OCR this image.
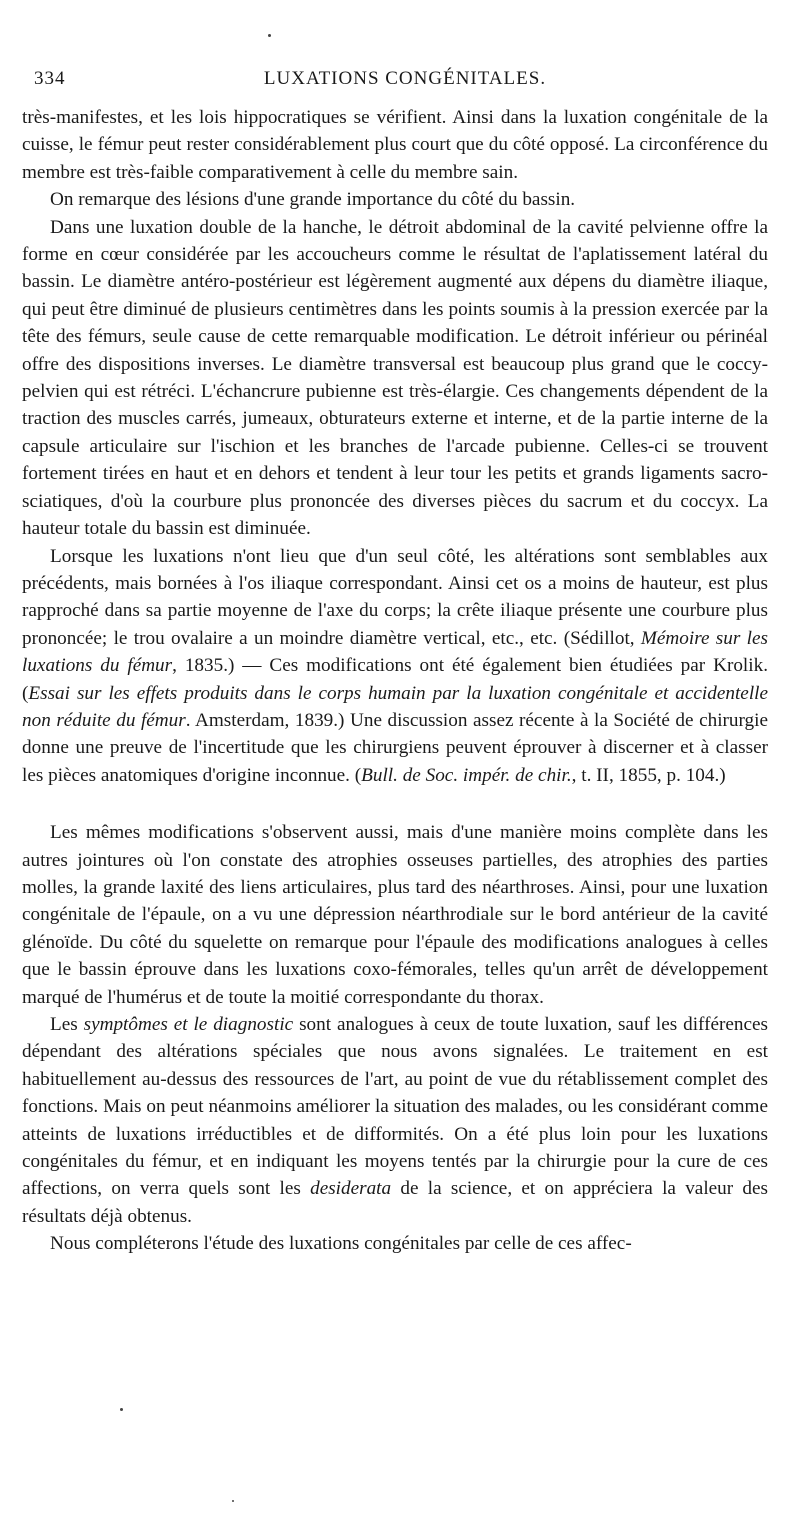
334	LUXATIONS CONGÉNITALES.

très-manifestes, et les lois hippocratiques se vérifient. Ainsi dans la luxation congénitale de la cuisse, le fémur peut rester considérablement plus court que du côté opposé. La circonférence du membre est très-faible comparativement à celle du membre sain.

On remarque des lésions d'une grande importance du côté du bassin.

Dans une luxation double de la hanche, le détroit abdominal de la cavité pelvienne offre la forme en cœur considérée par les accoucheurs comme le résultat de l'aplatissement latéral du bassin. Le diamètre antéro-postérieur est légèrement augmenté aux dépens du diamètre iliaque, qui peut être diminué de plusieurs centimètres dans les points soumis à la pression exercée par la tête des fémurs, seule cause de cette remarquable modification. Le détroit inférieur ou périnéal offre des dispositions inverses. Le diamètre transversal est beaucoup plus grand que le coccy-pelvien qui est rétréci. L'échancrure pubienne est très-élargie. Ces changements dépendent de la traction des muscles carrés, jumeaux, obturateurs externe et interne, et de la partie interne de la capsule articulaire sur l'ischion et les branches de l'arcade pubienne. Celles-ci se trouvent fortement tirées en haut et en dehors et tendent à leur tour les petits et grands ligaments sacro-sciatiques, d'où la courbure plus prononcée des diverses pièces du sacrum et du coccyx. La hauteur totale du bassin est diminuée.

Lorsque les luxations n'ont lieu que d'un seul côté, les altérations sont semblables aux précédents, mais bornées à l'os iliaque correspondant. Ainsi cet os a moins de hauteur, est plus rapproché dans sa partie moyenne de l'axe du corps; la crête iliaque présente une courbure plus prononcée; le trou ovalaire a un moindre diamètre vertical, etc., etc. (Sédillot, Mémoire sur les luxations du fémur, 1835.) — Ces modifications ont été également bien étudiées par Krolik. (Essai sur les effets produits dans le corps humain par la luxation congénitale et accidentelle non réduite du fémur. Amsterdam, 1839.) Une discussion assez récente à la Société de chirurgie donne une preuve de l'incertitude que les chirurgiens peuvent éprouver à discerner et à classer les pièces anatomiques d'origine inconnue. (Bull. de Soc. impér. de chir., t. II, 1855, p. 104.)

Les mêmes modifications s'observent aussi, mais d'une manière moins complète dans les autres jointures où l'on constate des atrophies osseuses partielles, des atrophies des parties molles, la grande laxité des liens articulaires, plus tard des néarthroses. Ainsi, pour une luxation congénitale de l'épaule, on a vu une dépression néarthrodiale sur le bord antérieur de la cavité glénoïde. Du côté du squelette on remarque pour l'épaule des modifications analogues à celles que le bassin éprouve dans les luxations coxo-fémorales, telles qu'un arrêt de développement marqué de l'humérus et de toute la moitié correspondante du thorax.

Les symptômes et le diagnostic sont analogues à ceux de toute luxation, sauf les différences dépendant des altérations spéciales que nous avons signalées. Le traitement en est habituellement au-dessus des ressources de l'art, au point de vue du rétablissement complet des fonctions. Mais on peut néanmoins améliorer la situation des malades, ou les considérant comme atteints de luxations irréductibles et de difformités. On a été plus loin pour les luxations congénitales du fémur, et en indiquant les moyens tentés par la chirurgie pour la cure de ces affections, on verra quels sont les desiderata de la science, et on appréciera la valeur des résultats déjà obtenus.

Nous compléterons l'étude des luxations congénitales par celle de ces affec-
